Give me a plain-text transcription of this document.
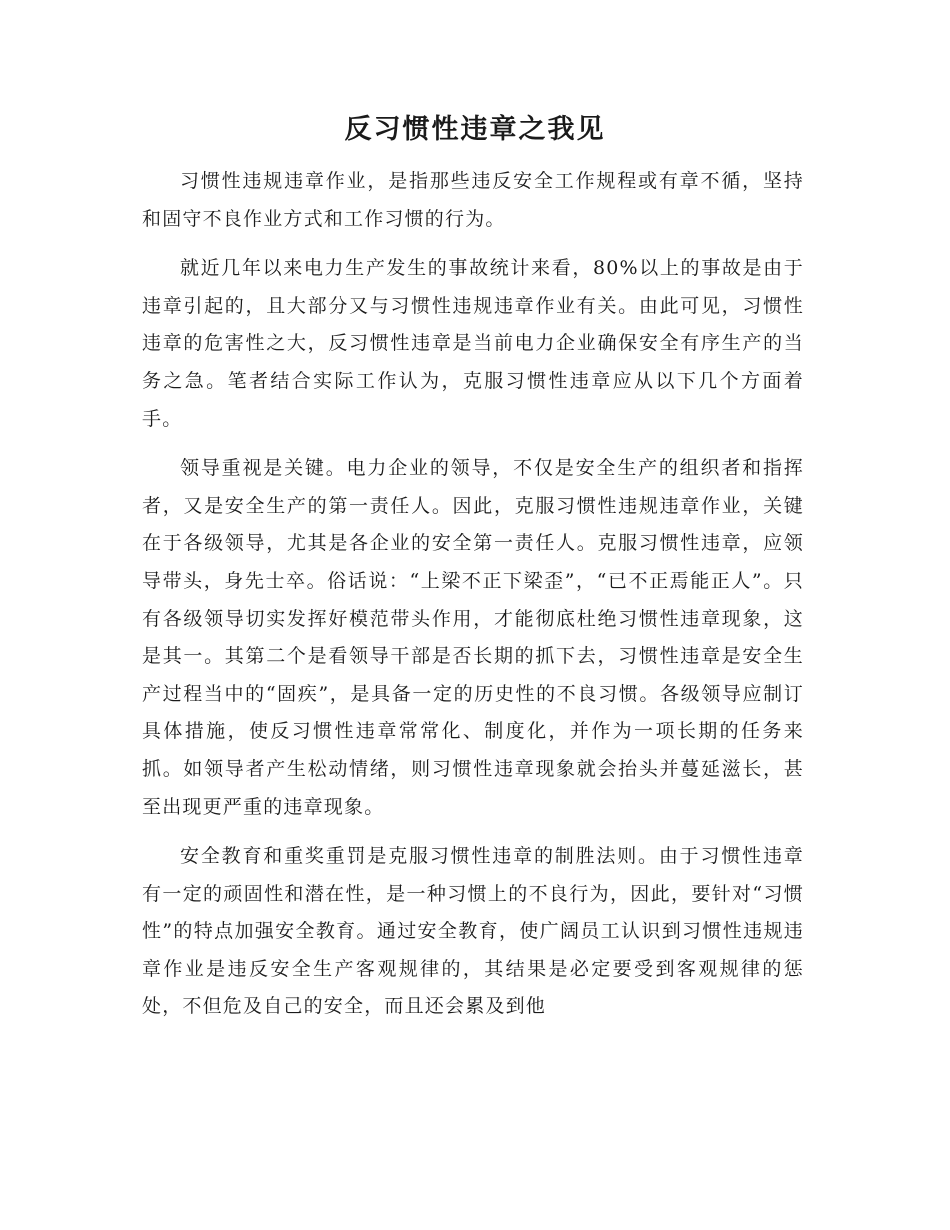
反习惯性违章之我见

习惯性违规违章作业，是指那些违反安全工作规程或有章不循，坚持和固守不良作业方式和工作习惯的行为。

就近几年以来电力生产发生的事故统计来看，80%以上的事故是由于违章引起的，且大部分又与习惯性违规违章作业有关。由此可见，习惯性违章的危害性之大，反习惯性违章是当前电力企业确保安全有序生产的当务之急。笔者结合实际工作认为，克服习惯性违章应从以下几个方面着手。

领导重视是关键。电力企业的领导，不仅是安全生产的组织者和指挥者，又是安全生产的第一责任人。因此，克服习惯性违规违章作业，关键在于各级领导，尤其是各企业的安全第一责任人。克服习惯性违章，应领导带头，身先士卒。俗话说：“上梁不正下梁歪”，“已不正焉能正人”。只有各级领导切实发挥好模范带头作用，才能彻底杜绝习惯性违章现象，这是其一。其第二个是看领导干部是否长期的抓下去，习惯性违章是安全生产过程当中的“固疾”，是具备一定的历史性的不良习惯。各级领导应制订具体措施，使反习惯性违章常常化、制度化，并作为一项长期的任务来抓。如领导者产生松动情绪，则习惯性违章现象就会抬头并蔓延滋长，甚至出现更严重的违章现象。

安全教育和重奖重罚是克服习惯性违章的制胜法则。由于习惯性违章有一定的顽固性和潜在性，是一种习惯上的不良行为，因此，要针对“习惯性”的特点加强安全教育。通过安全教育，使广阔员工认识到习惯性违规违章作业是违反安全生产客观规律的，其结果是必定要受到客观规律的惩处，不但危及自己的安全，而且还会累及到他
